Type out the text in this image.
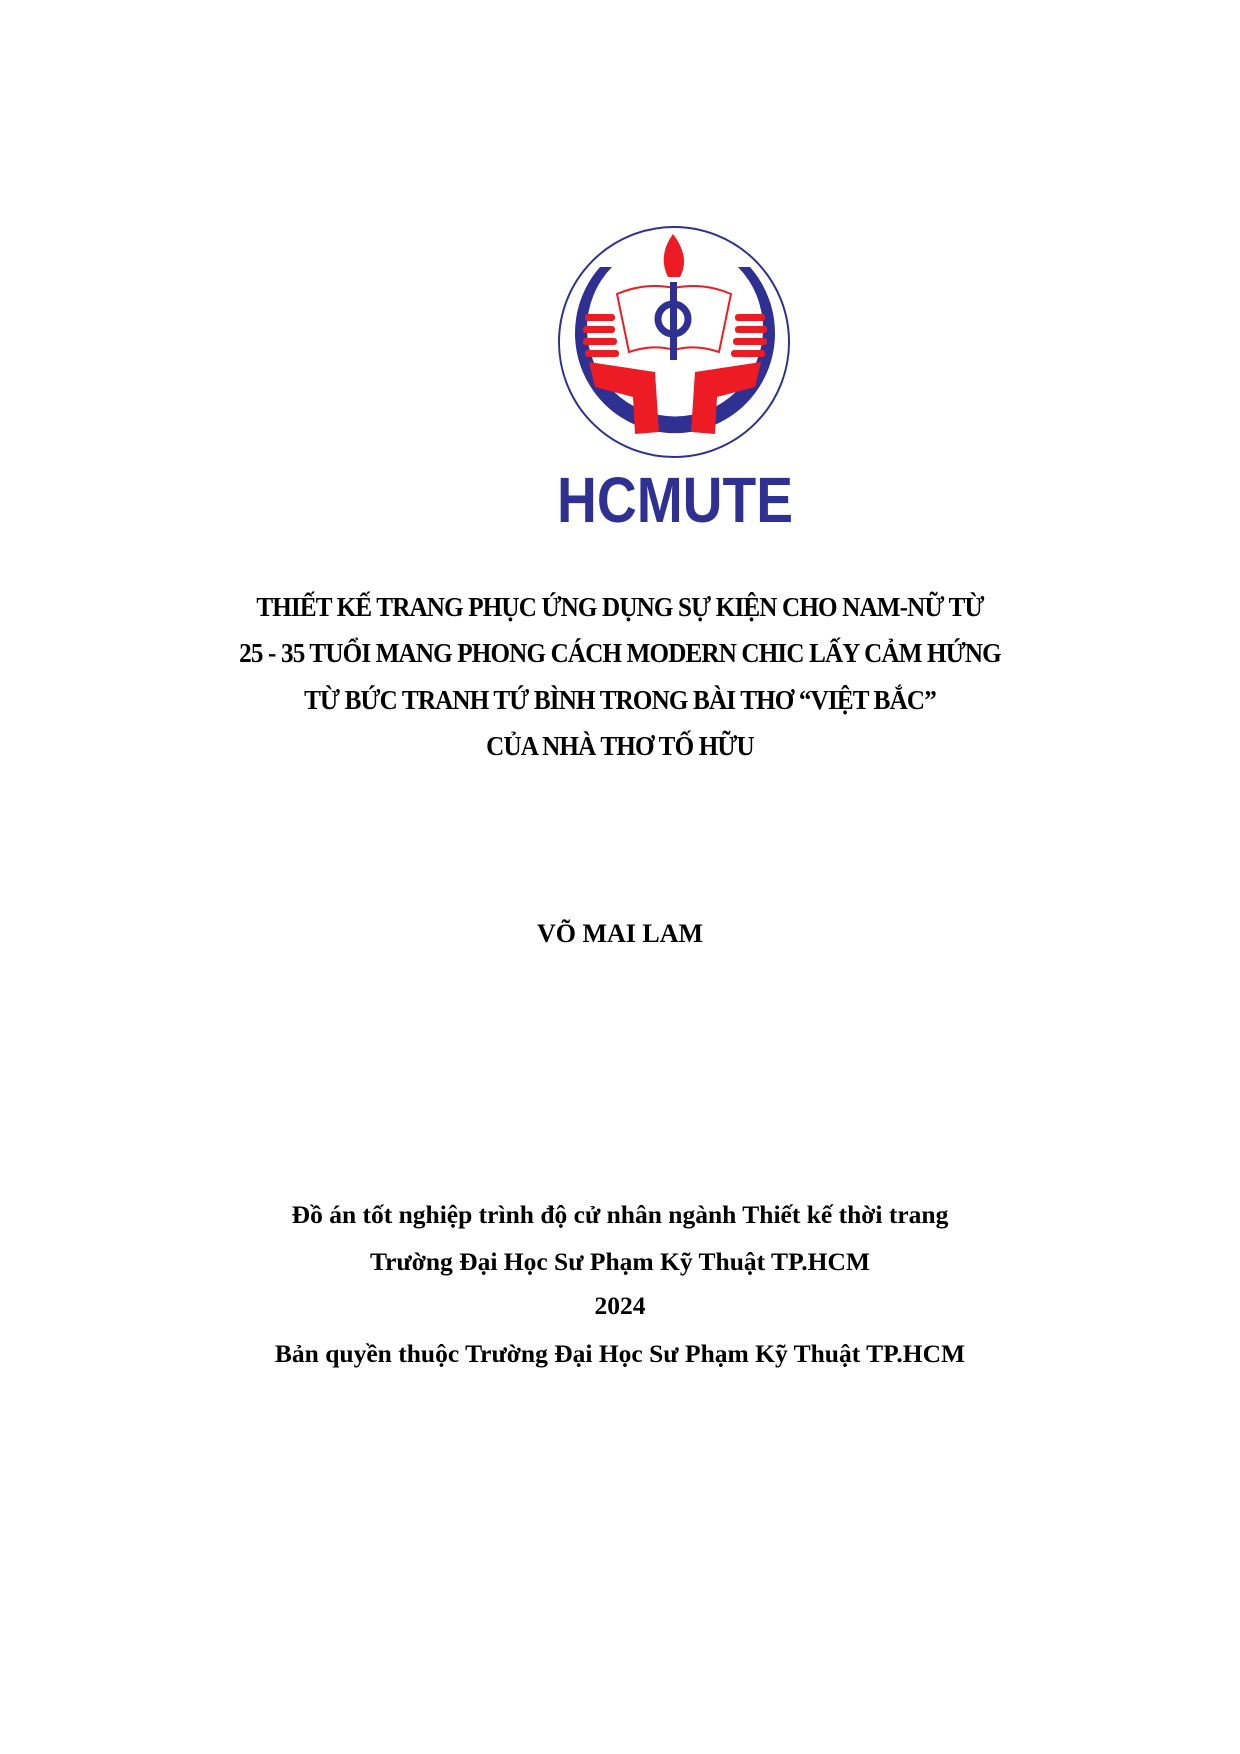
HCMUTE
THIẾT KẾ TRANG PHỤC ỨNG DỤNG SỰ KIỆN CHO NAM-NỮ TỪ
25 - 35 TUỔI MANG PHONG CÁCH MODERN CHIC LẤY CẢM HỨNG
TỪ BỨC TRANH TỨ BÌNH TRONG BÀI THƠ “VIỆT BẮC”
CỦA NHÀ THƠ TỐ HỮU
VÕ MAI LAM
Đồ án tốt nghiệp trình độ cử nhân ngành Thiết kế thời trang
Trường Đại Học Sư Phạm Kỹ Thuật TP.HCM
2024
Bản quyền thuộc Trường Đại Học Sư Phạm Kỹ Thuật TP.HCM
